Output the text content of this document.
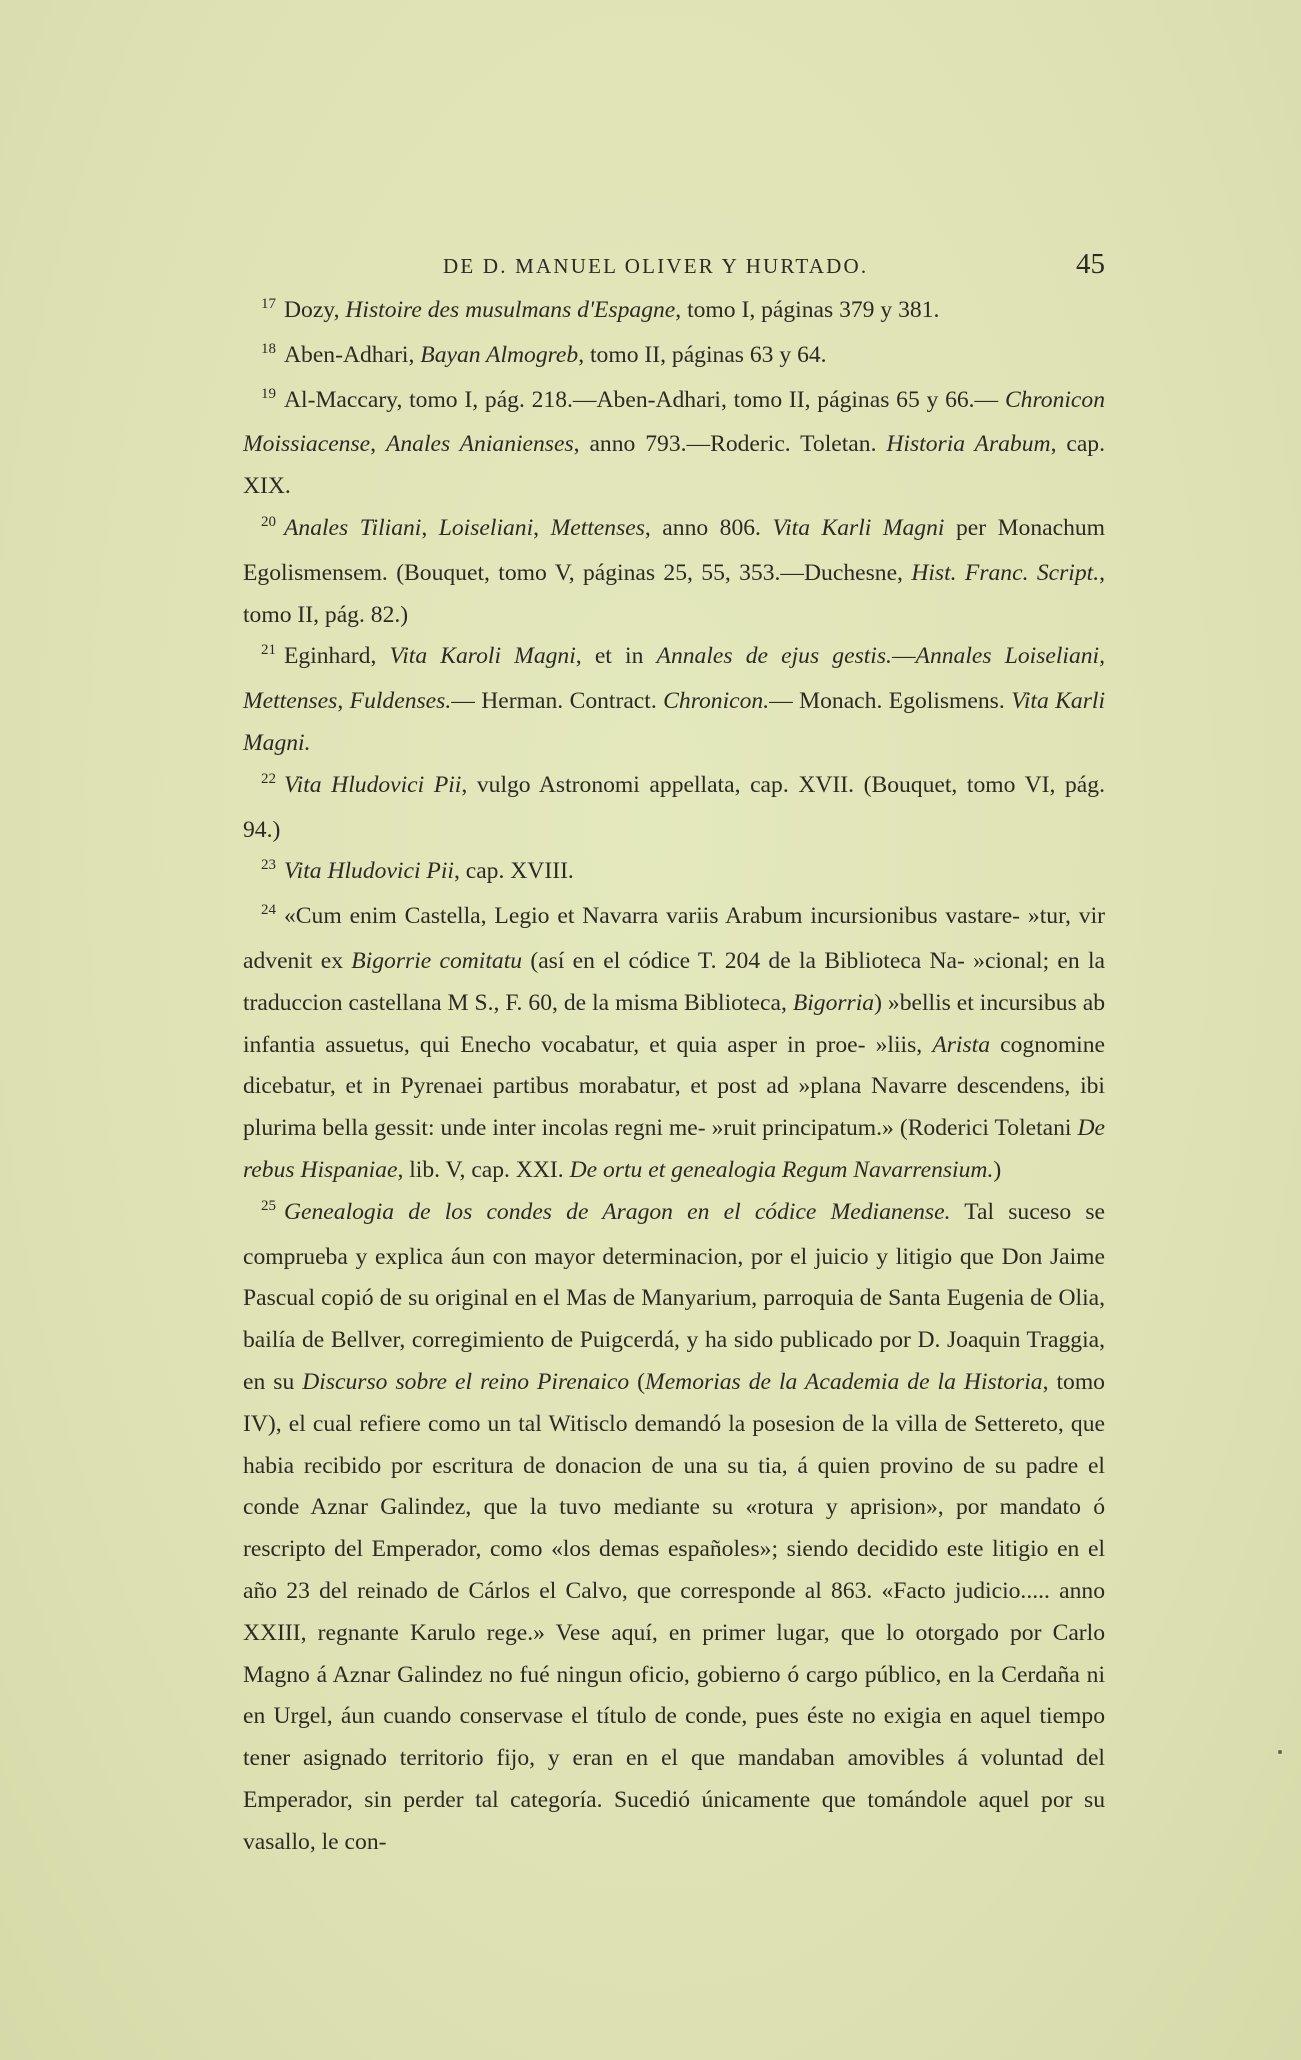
DE D. MANUEL OLIVER Y HURTADO.	45

$^{17}$ Dozy, Histoire des musulmans d'Espagne, tomo I, páginas 379 y 381.

$^{18}$ Aben-Adhari, Bayan Almogreb, tomo II, páginas 63 y 64.

$^{19}$ Al-Maccary, tomo I, pág. 218.—Aben-Adhari, tomo II, páginas 65 y 66.— Chronicon Moissiacense, Anales Anianienses, anno 793.—Roderic. Toletan. Historia Arabum, cap. XIX.

$^{20}$ Anales Tiliani, Loiseliani, Mettenses, anno 806. Vita Karli Magni per Monachum Egolismensem. (Bouquet, tomo V, páginas 25, 55, 353.—Duchesne, Hist. Franc. Script., tomo II, pág. 82.)

$^{21}$ Eginhard, Vita Karoli Magni, et in Annales de ejus gestis.—Annales Loiseliani, Mettenses, Fuldenses.— Herman. Contract. Chronicon.— Monach. Egolismens. Vita Karli Magni.

$^{22}$ Vita Hludovici Pii, vulgo Astronomi appellata, cap. XVII. (Bouquet, tomo VI, pág. 94.)

$^{23}$ Vita Hludovici Pii, cap. XVIII.

$^{24}$ «Cum enim Castella, Legio et Navarra variis Arabum incursionibus vastare- »tur, vir advenit ex Bigorrie comitatu (así en el códice T. 204 de la Biblioteca Na- »cional; en la traduccion castellana M S., F. 60, de la misma Biblioteca, Bigorria) »bellis et incursibus ab infantia assuetus, qui Enecho vocabatur, et quia asper in proe- »liis, Arista cognomine dicebatur, et in Pyrenaei partibus morabatur, et post ad »plana Navarre descendens, ibi plurima bella gessit: unde inter incolas regni me- »ruit principatum.» (Roderici Toletani De rebus Hispaniae, lib. V, cap. XXI. De ortu et genealogia Regum Navarrensium.)

$^{25}$ Genealogia de los condes de Aragon en el códice Medianense. Tal suceso se comprueba y explica áun con mayor determinacion, por el juicio y litigio que Don Jaime Pascual copió de su original en el Mas de Manyarium, parroquia de Santa Eugenia de Olia, bailía de Bellver, corregimiento de Puigcerdá, y ha sido publicado por D. Joaquin Traggia, en su Discurso sobre el reino Pirenaico (Memorias de la Academia de la Historia, tomo IV), el cual refiere como un tal Witisclo demandó la posesion de la villa de Settereto, que habia recibido por escritura de donacion de una su tia, á quien provino de su padre el conde Aznar Galindez, que la tuvo mediante su «rotura y aprision», por mandato ó rescripto del Emperador, como «los demas españoles»; siendo decidido este litigio en el año 23 del reinado de Cárlos el Calvo, que corresponde al 863. «Facto judicio..... anno XXIII, regnante Karulo rege.» Vese aquí, en primer lugar, que lo otorgado por Carlo Magno á Aznar Galindez no fué ningun oficio, gobierno ó cargo público, en la Cerdaña ni en Urgel, áun cuando conservase el título de conde, pues éste no exigia en aquel tiempo tener asignado territorio fijo, y eran en el que mandaban amovibles á voluntad del Emperador, sin perder tal categoría. Sucedió únicamente que tomándole aquel por su vasallo, le con-
